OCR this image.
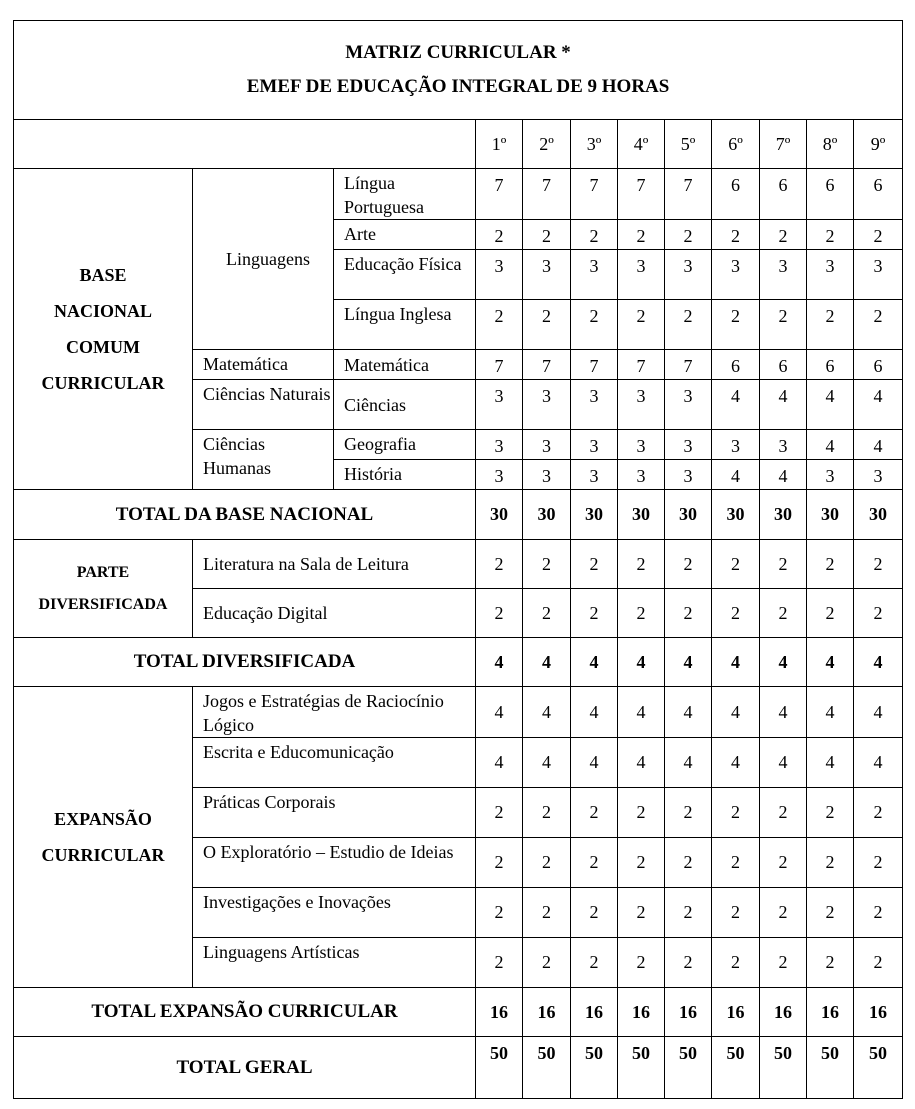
MATRIZ CURRICULAR *
EMEF DE EDUCAÇÃO INTEGRAL DE 9 HORAS											

			1º	2º	3º	4º	5º	6º	7º	8º	9º

BASE
NACIONAL
COMUM
CURRICULAR	Linguagens	Língua Portuguesa	7	7	7	7	7	6	6	6	6
		Arte	2	2	2	2	2	2	2	2	2
		Educação Física	3	3	3	3	3	3	3	3	3
		Língua Inglesa	2	2	2	2	2	2	2	2	2
	Matemática	Matemática	7	7	7	7	7	6	6	6	6
	Ciências Naturais	Ciências	3	3	3	3	3	4	4	4	4
	Ciências Humanas	Geografia	3	3	3	3	3	3	3	4	4
		História	3	3	3	3	3	4	4	3	3
TOTAL DA BASE NACIONAL			30	30	30	30	30	30	30	30	30

PARTE
DIVERSIFICADA	Literatura na Sala de Leitura		2	2	2	2	2	2	2	2	2
	Educação Digital		2	2	2	2	2	2	2	2	2
TOTAL DIVERSIFICADA			4	4	4	4	4	4	4	4	4

EXPANSÃO
CURRICULAR	Jogos e Estratégias de Raciocínio Lógico		4	4	4	4	4	4	4	4	4
	Escrita e Educomunicação		4	4	4	4	4	4	4	4	4
	Práticas Corporais		2	2	2	2	2	2	2	2	2
	O Exploratório – Estudio de Ideias		2	2	2	2	2	2	2	2	2
	Investigações e Inovações		2	2	2	2	2	2	2	2	2
	Linguagens Artísticas		2	2	2	2	2	2	2	2	2
TOTAL EXPANSÃO CURRICULAR			16	16	16	16	16	16	16	16	16
TOTAL GERAL			50	50	50	50	50	50	50	50	50
